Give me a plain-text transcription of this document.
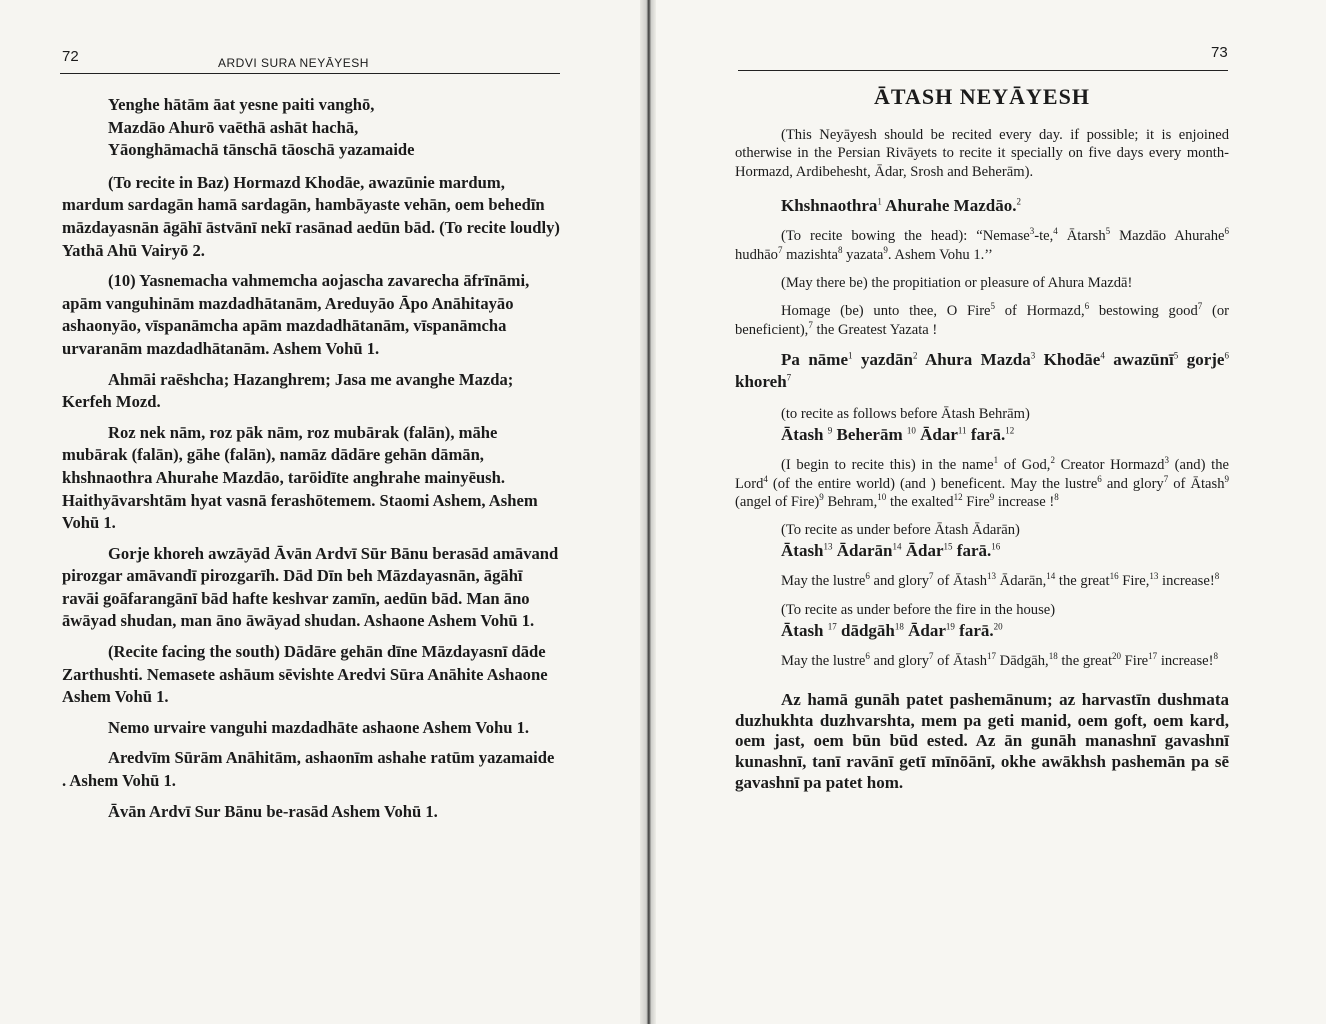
72	ARDVI SURA NEYĀYESH

Yenghe hātām āat yesne paiti vanghō,

Mazdāo Ahurō vaēthā ashāt hachā,

Yāonghāmachā tānschā tāoschā yazamaide

(To recite in Baz) Hormazd Khodāe, awazūnie mardum, mardum sardagān hamā sardagān, hambāyaste vehān, oem behedīn māzdayasnān āgāhī āstvānī nekī rasānad aedūn bād. (To recite loudly) Yathā Ahū Vairyō 2.

(10) Yasnemacha vahmemcha aojascha zavarecha āfrīnāmi, apām vanguhinām mazdadhātanām, Areduyāo Āpo Anāhitayāo ashaonyāo, vīspanāmcha apām mazdadhātanām, vīspanāmcha urvaranām mazdadhātanām. Ashem Vohū 1.

Ahmāi raēshcha; Hazanghrem; Jasa me avanghe Mazda; Kerfeh Mozd.

Roz nek nām, roz pāk nām, roz mubārak (falān), māhe mubārak (falān), gāhe (falān), namāz dādāre gehān dāmān, khshnaothra Ahurahe Mazdāo, tarōidīte anghrahe mainyēush. Haithyāvarshtām hyat vasnā ferashōtemem. Staomi Ashem, Ashem Vohū 1.

Gorje khoreh awzāyād Āvān Ardvī Sūr Bānu berasād amāvand pirozgar amāvandī pirozgarīh. Dād Dīn beh Māzdayasnān, āgāhī ravāi goāfarangānī bād hafte keshvar zamīn, aedūn bād. Man āno āwāyad shudan, man āno āwāyad shudan. Ashaone Ashem Vohū 1.

(Recite facing the south) Dādāre gehān dīne Māzdayasnī dāde Zarthushti. Nemasete ashāum sēvishte Aredvi Sūra Anāhite Ashaone Ashem Vohū 1.

Nemo urvaire vanguhi mazdadhāte ashaone Ashem Vohu 1.

Aredvīm Sūrām Anāhitām, ashaonīm ashahe ratūm yazamaide . Ashem Vohū 1.

Āvān Ardvī Sur Bānu be-rasād Ashem Vohū 1.

73
ĀTASH NEYĀYESH

(This Neyāyesh should be recited every day. if possible; it is enjoined otherwise in the Persian Rivāyets to recite it specially on five days every month- Hormazd, Ardibehesht, Ādar, Srosh and Beherām).

Khshnaothra$^1$ Ahurahe Mazdāo.$^2$

(To recite bowing the head): “Nemase$^3$-te,$^4$ Ātarsh$^5$ Mazdāo Ahurahe$^6$ hudhāo$^7$ mazishta$^8$ yazata$^9$. Ashem Vohu 1.’’

(May there be) the propitiation or pleasure of Ahura Mazdā!

Homage (be) unto thee, O Fire$^5$ of Hormazd,$^6$ bestowing good$^7$ (or beneficient),$^7$ the Greatest Yazata !

Pa nāme$^1$ yazdān$^2$ Ahura Mazda$^3$ Khodāe$^4$ awazūnī$^5$ gorje$^6$ khoreh$^7$

(to recite as follows before Ātash Behrām)

Ātash $^9$ Beherām $^{10}$ Ādar$^{11}$ farā.$^{12}$

(I begin to recite this) in the name$^1$ of God,$^2$ Creator Hormazd$^3$ (and) the Lord$^4$ (of the entire world) (and ) beneficent. May the lustre$^6$ and glory$^7$ of Ātash$^9$ (angel of Fire)$^9$ Behram,$^{10}$ the exalted$^{12}$ Fire$^9$ increase !$^8$

(To recite as under before Ātash Ādarān)

Ātash$^{13}$ Ādarān$^{14}$ Ādar$^{15}$ farā.$^{16}$

May the lustre$^6$ and glory$^7$ of Ātash$^{13}$ Ādarān,$^{14}$ the great$^{16}$ Fire,$^{13}$ increase!$^8$

(To recite as under before the fire in the house)

Ātash $^{17}$ dādgāh$^{18}$ Ādar$^{19}$ farā.$^{20}$

May the lustre$^6$ and glory$^7$ of Ātash$^{17}$ Dādgāh,$^{18}$ the great$^{20}$ Fire$^{17}$ increase!$^8$

Az hamā gunāh patet pashemānum; az harvastīn dushmata duzhukhta duzhvarshta, mem pa geti manid, oem goft, oem kard, oem jast, oem būn būd ested. Az ān gunāh manashnī gavashnī kunashnī, tanī ravānī getī mīnōānī, okhe awākhsh pashemān pa sē gavashnī pa patet hom.
